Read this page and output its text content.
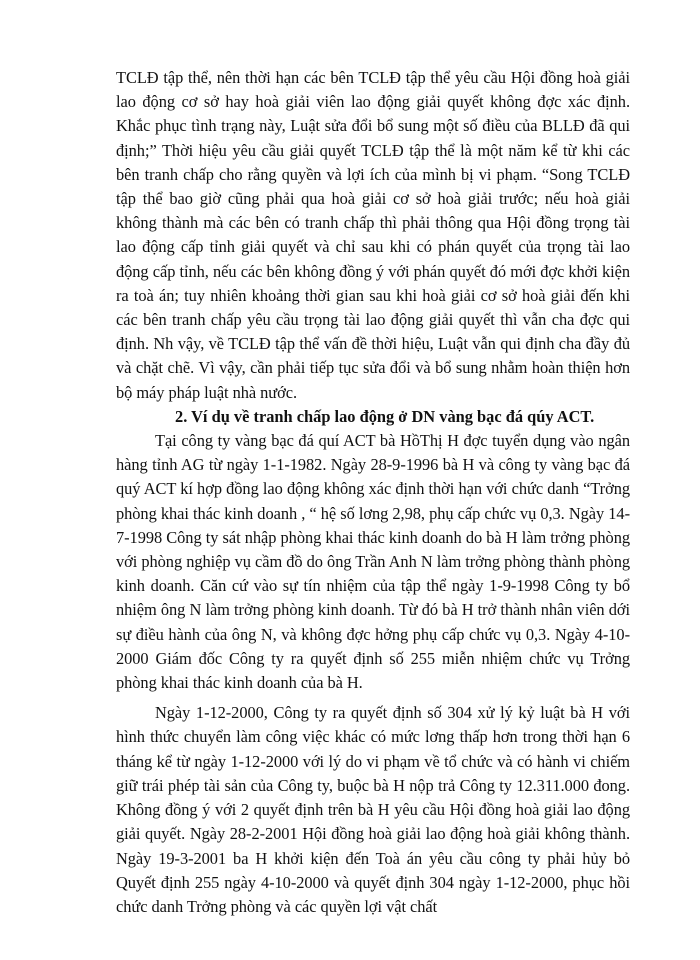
TCLĐ tập thể, nên thời hạn các bên TCLĐ tập thể yêu cầu Hội đồng hoà giải lao động cơ sở hay hoà giải viên lao động giải quyết không đợc xác định. Khắc phục tình trạng này, Luật sửa đổi bổ sung một số điều của BLLĐ đã qui định;” Thời hiệu yêu cầu giải quyết TCLĐ tập thể là một năm kể từ khi các bên tranh chấp cho rằng quyền và lợi ích của mình bị vi phạm. “Song TCLĐ tập thể bao giờ cũng phải qua hoà giải cơ sở hoà giải trước; nếu hoà giải không thành mà các bên có tranh chấp thì phải thông qua Hội đồng trọng tài lao động cấp tỉnh giải quyết và chỉ sau khi có phán quyết của trọng tài lao động cấp tỉnh, nếu các bên không đồng ý với phán quyết đó mới đợc khởi kiện ra toà án; tuy nhiên khoảng thời gian sau khi hoà giải cơ sở hoà giải đến khi các bên tranh chấp yêu cầu trọng tài lao động giải quyết thì vẫn cha đợc qui định. Nh vậy, về TCLĐ tập thể vấn đề thời hiệu, Luật vẫn qui định cha đầy đủ và chặt chẽ. Vì vậy, cần phải tiếp tục sửa đổi và bổ sung nhằm hoàn thiện hơn bộ máy pháp luật nhà nước.

2. Ví dụ về tranh chấp lao động ở DN vàng bạc đá qúy ACT.

Tại công ty vàng bạc đá quí ACT bà HồThị H đợc tuyển dụng vào ngân hàng tỉnh AG từ ngày 1-1-1982. Ngày 28-9-1996 bà H và công ty vàng bạc đá quý ACT kí hợp đồng lao động không xác định thời hạn với chức danh “Trởng phòng khai thác kinh doanh , “ hệ số lơng 2,98, phụ cấp chức vụ 0,3. Ngày 14-7-1998 Công ty sát nhập phòng khai thác kinh doanh do bà H làm trởng phòng với phòng nghiệp vụ cầm đồ do ông Trần Anh N làm trởng phòng thành phòng kinh doanh. Căn cứ vào sự tín nhiệm của tập thể ngày 1-9-1998 Công ty bổ nhiệm ông N làm trởng phòng kinh doanh. Từ đó bà H trở thành nhân viên dới sự điều hành của ông N, và không đợc hởng phụ cấp chức vụ 0,3. Ngày 4-10-2000 Giám đốc Công ty ra quyết định số 255 miễn nhiệm chức vụ Trởng phòng khai thác kinh doanh của bà H.

Ngày 1-12-2000, Công ty ra quyết định số 304 xử lý kỷ luật bà H với hình thức chuyển làm công việc khác có mức lơng thấp hơn trong thời hạn 6 tháng kể từ ngày 1-12-2000 với lý do vi phạm về tổ chức và có hành vi chiếm giữ trái phép tài sản của Công ty, buộc bà H nộp trả Công ty 12.311.000 đong. Không đồng ý với 2 quyết định trên bà H yêu cầu Hội đồng hoà giải lao động giải quyết. Ngày 28-2-2001 Hội đồng hoà giải lao động hoà giải không thành. Ngày 19-3-2001 ba H khởi kiện đến Toà án yêu cầu công ty phải hủy bỏ Quyết định 255 ngày 4-10-2000 và quyết định 304 ngày 1-12-2000, phục hồi chức danh Trởng phòng và các quyền lợi vật chất
